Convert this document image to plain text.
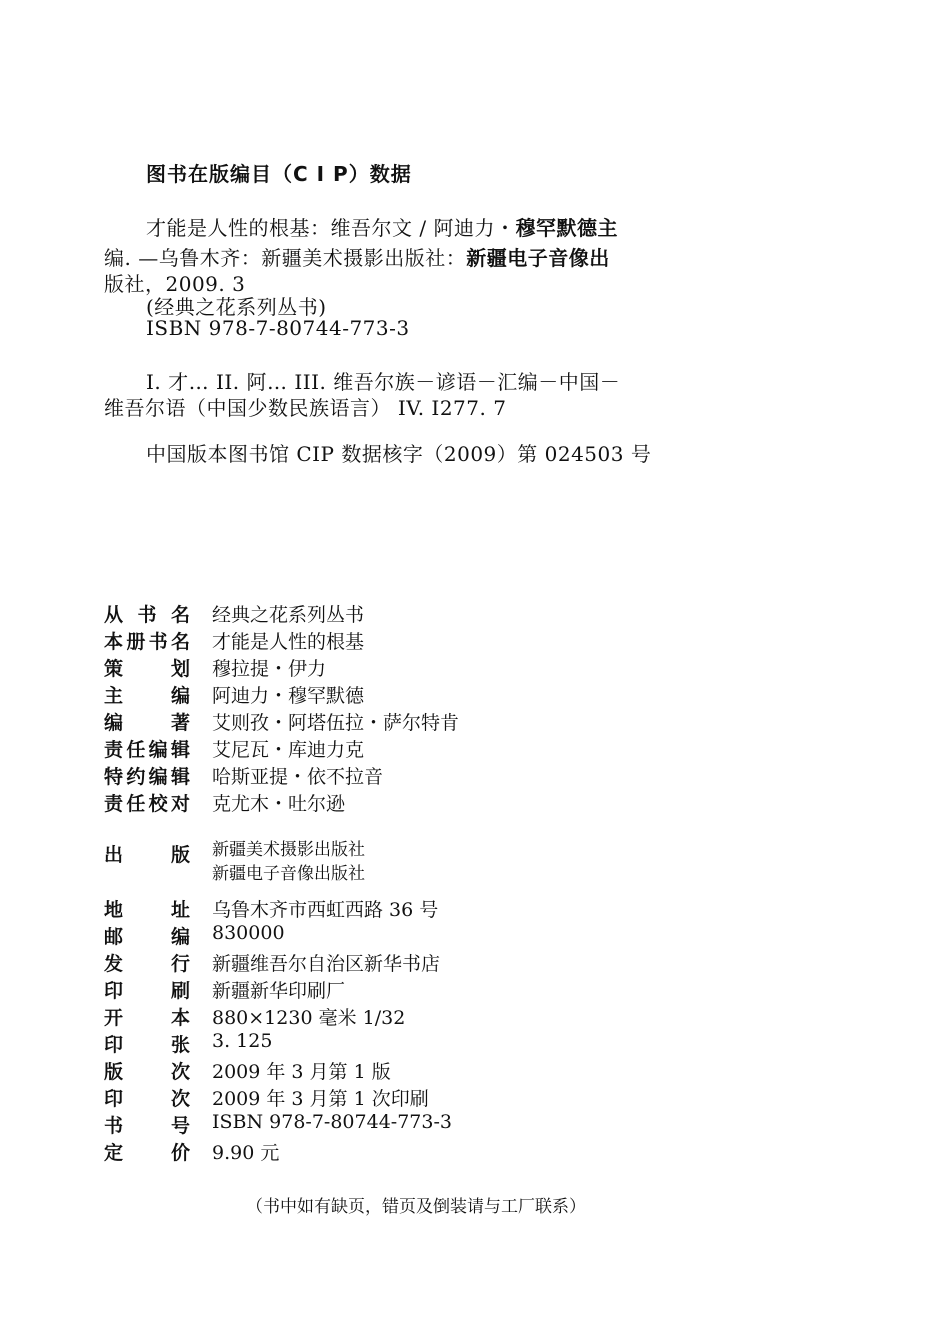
图书在版编目（C I P）数据
才能是人性的根基：维吾尔文 / 阿迪力・穆罕默德主
编. —乌鲁木齐：新疆美术摄影出版社：新疆电子音像出
版社，2009. 3
(经典之花系列丛书)
ISBN 978-7-80744-773-3
I. 才… II. 阿… III. 维吾尔族－谚语－汇编－中国－
维吾尔语（中国少数民族语言） IV. I277. 7
中国版本图书馆 CIP 数据核字（2009）第 024503 号
从 书 名 经典之花系列丛书
本 册 书 名 才能是人性的根基
策	划 穆拉提・伊力
主	编 阿迪力・穆罕默德
编	著 艾则孜・阿塔伍拉・萨尔特肯
责 任 编 辑 艾尼瓦・库迪力克
特 约 编 辑 哈斯亚提・依不拉音
责 任 校 对 克尤木・吐尔逊
出	版 新疆美术摄影出版社
新疆电子音像出版社
地	址 乌鲁木齐市西虹西路 36 号
邮	编 830000
发	行 新疆维吾尔自治区新华书店
印	刷 新疆新华印刷厂
开	本 880×1230 毫米 1/32
印	张 3. 125
版	次 2009 年 3 月第 1 版
印	次 2009 年 3 月第 1 次印刷
书	号 ISBN 978-7-80744-773-3
定	价 9.90 元
（书中如有缺页，错页及倒装请与工厂联系）
